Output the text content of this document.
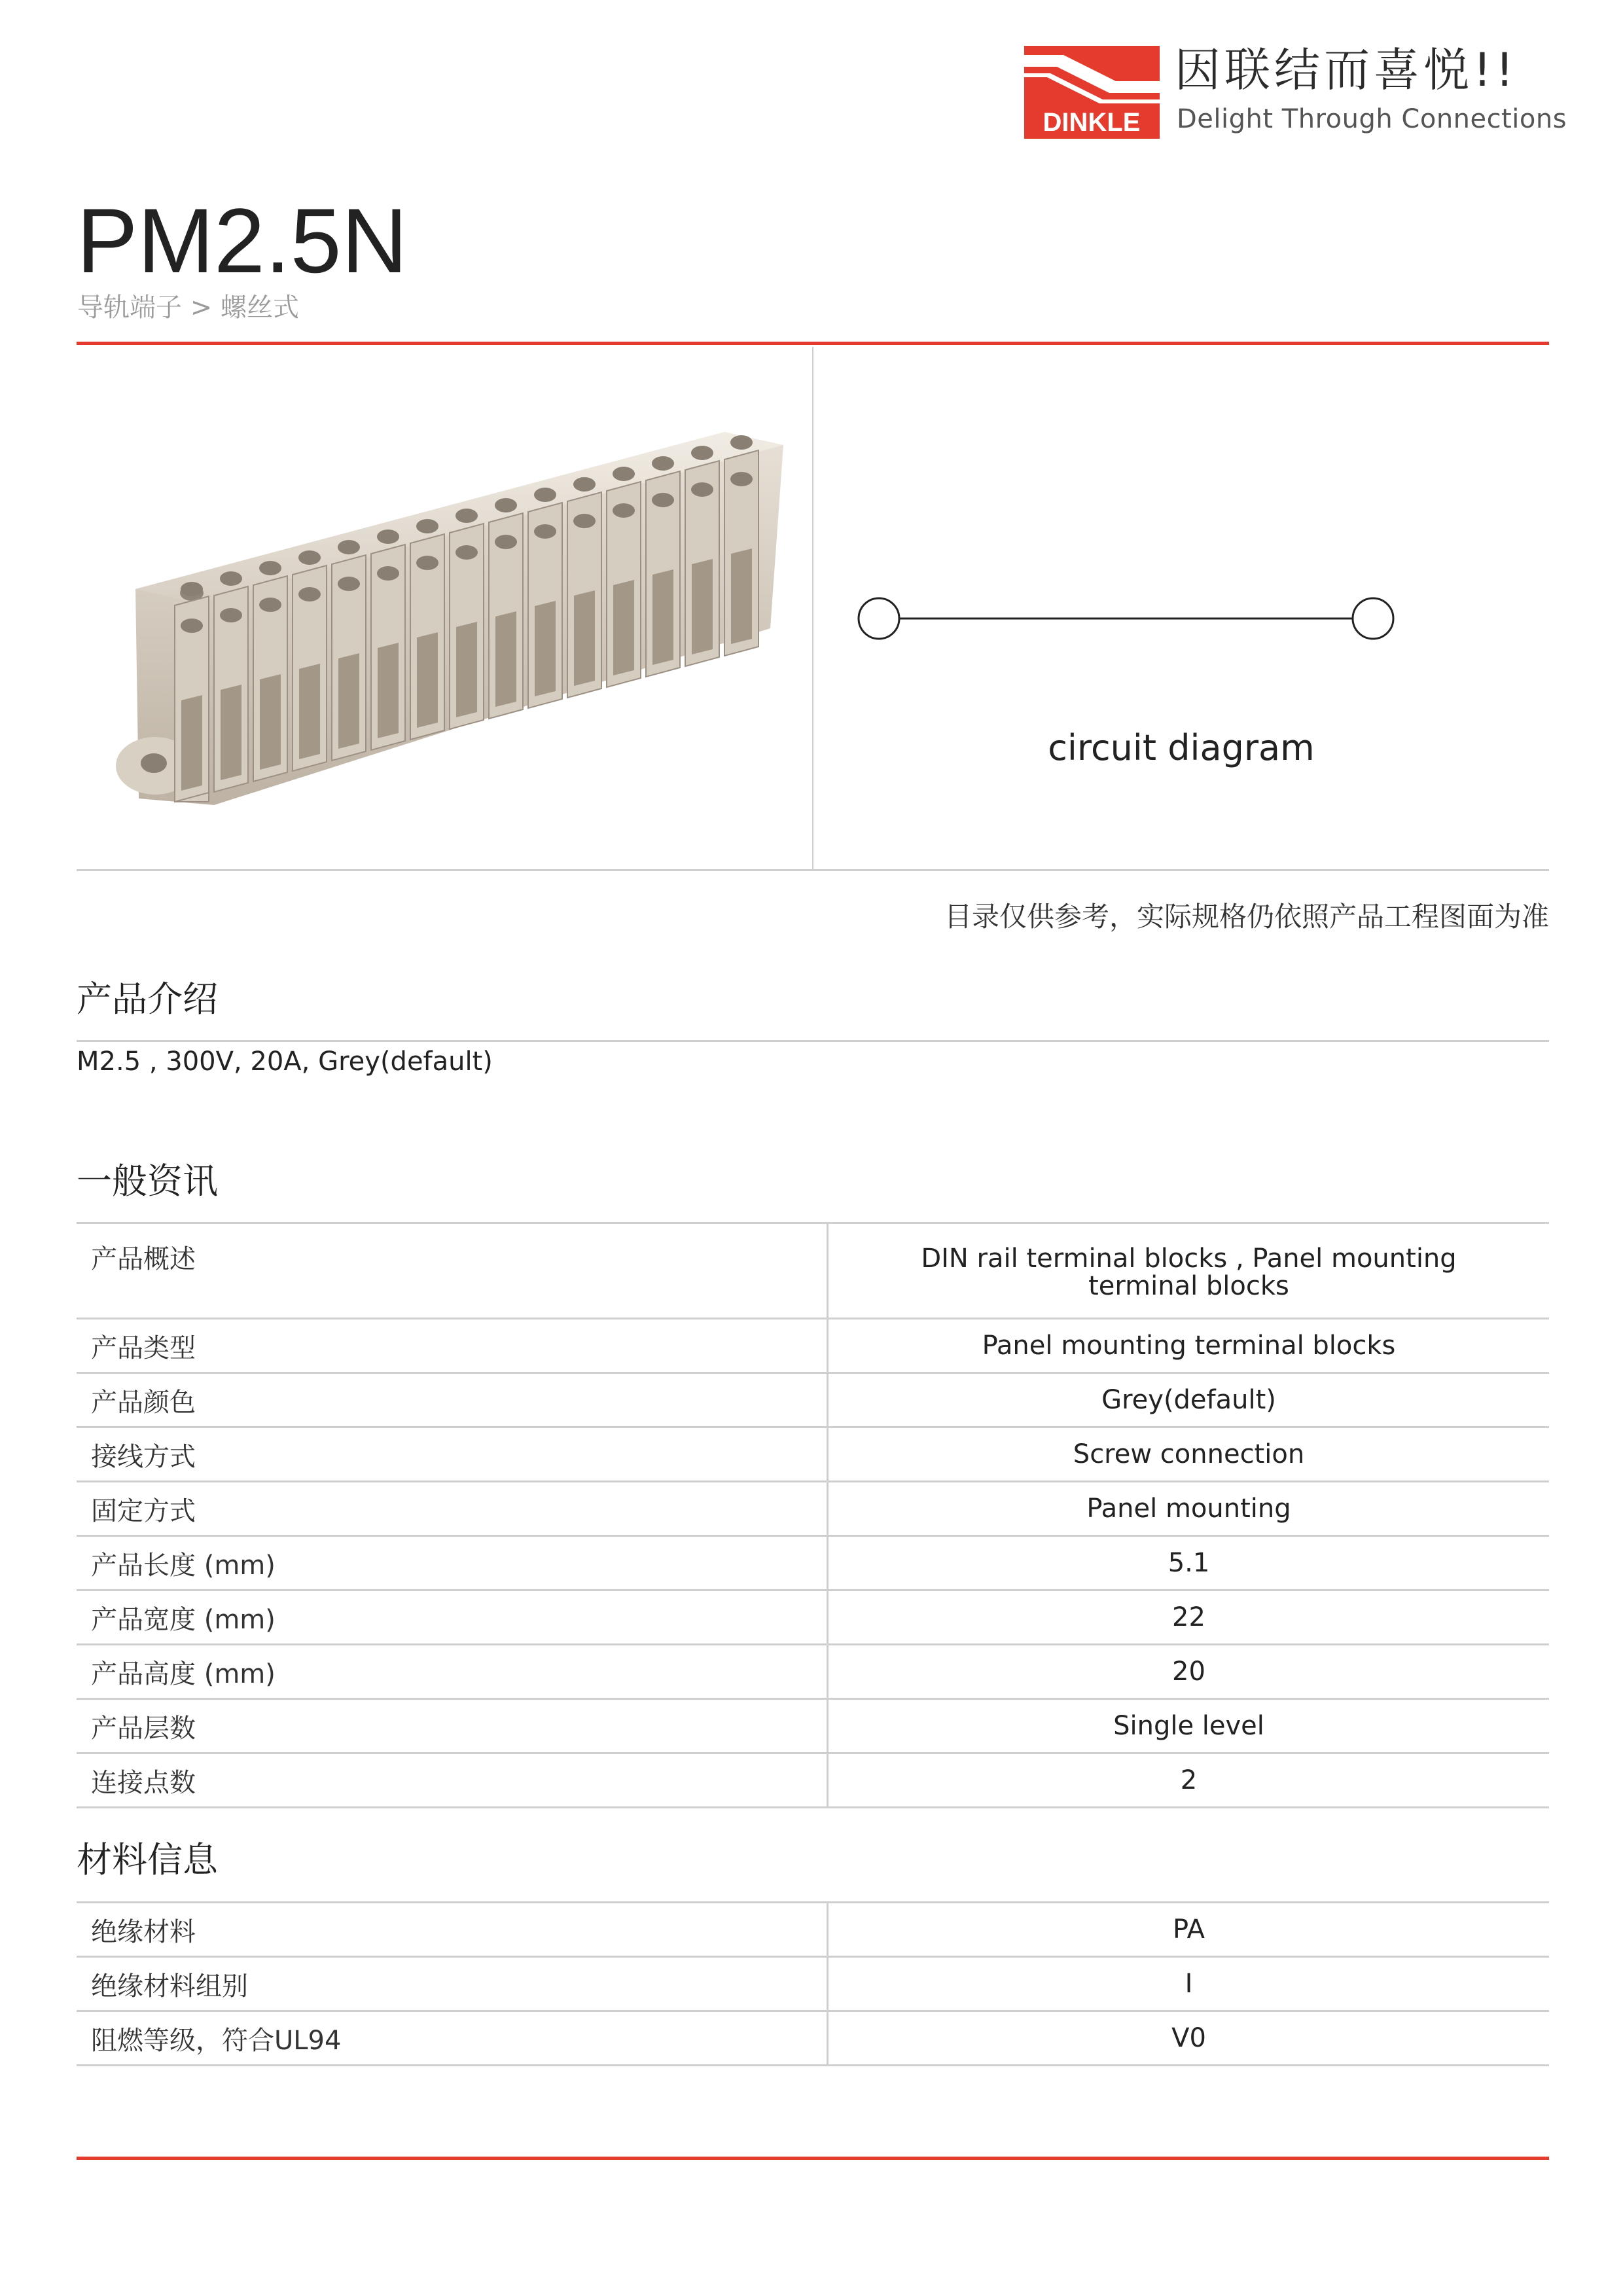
DINKLE
因联结而喜悦!!
Delight Through Connections
PM2.5N
导轨端子 > 螺丝式
circuit diagram
目录仅供参考，实际规格仍依照产品工程图面为准
产品介绍
M2.5 , 300V, 20A, Grey(default)
一般资讯
产品概述	DIN rail terminal blocks , Panel mounting terminal blocks
产品类型	Panel mounting terminal blocks
产品颜色	Grey(default)
接线方式	Screw connection
固定方式	Panel mounting
产品长度 (mm)	5.1
产品宽度 (mm)	22
产品高度 (mm)	20
产品层数	Single level
连接点数	2
材料信息
绝缘材料	PA
绝缘材料组别	I
阻燃等级，符合UL94	V0
